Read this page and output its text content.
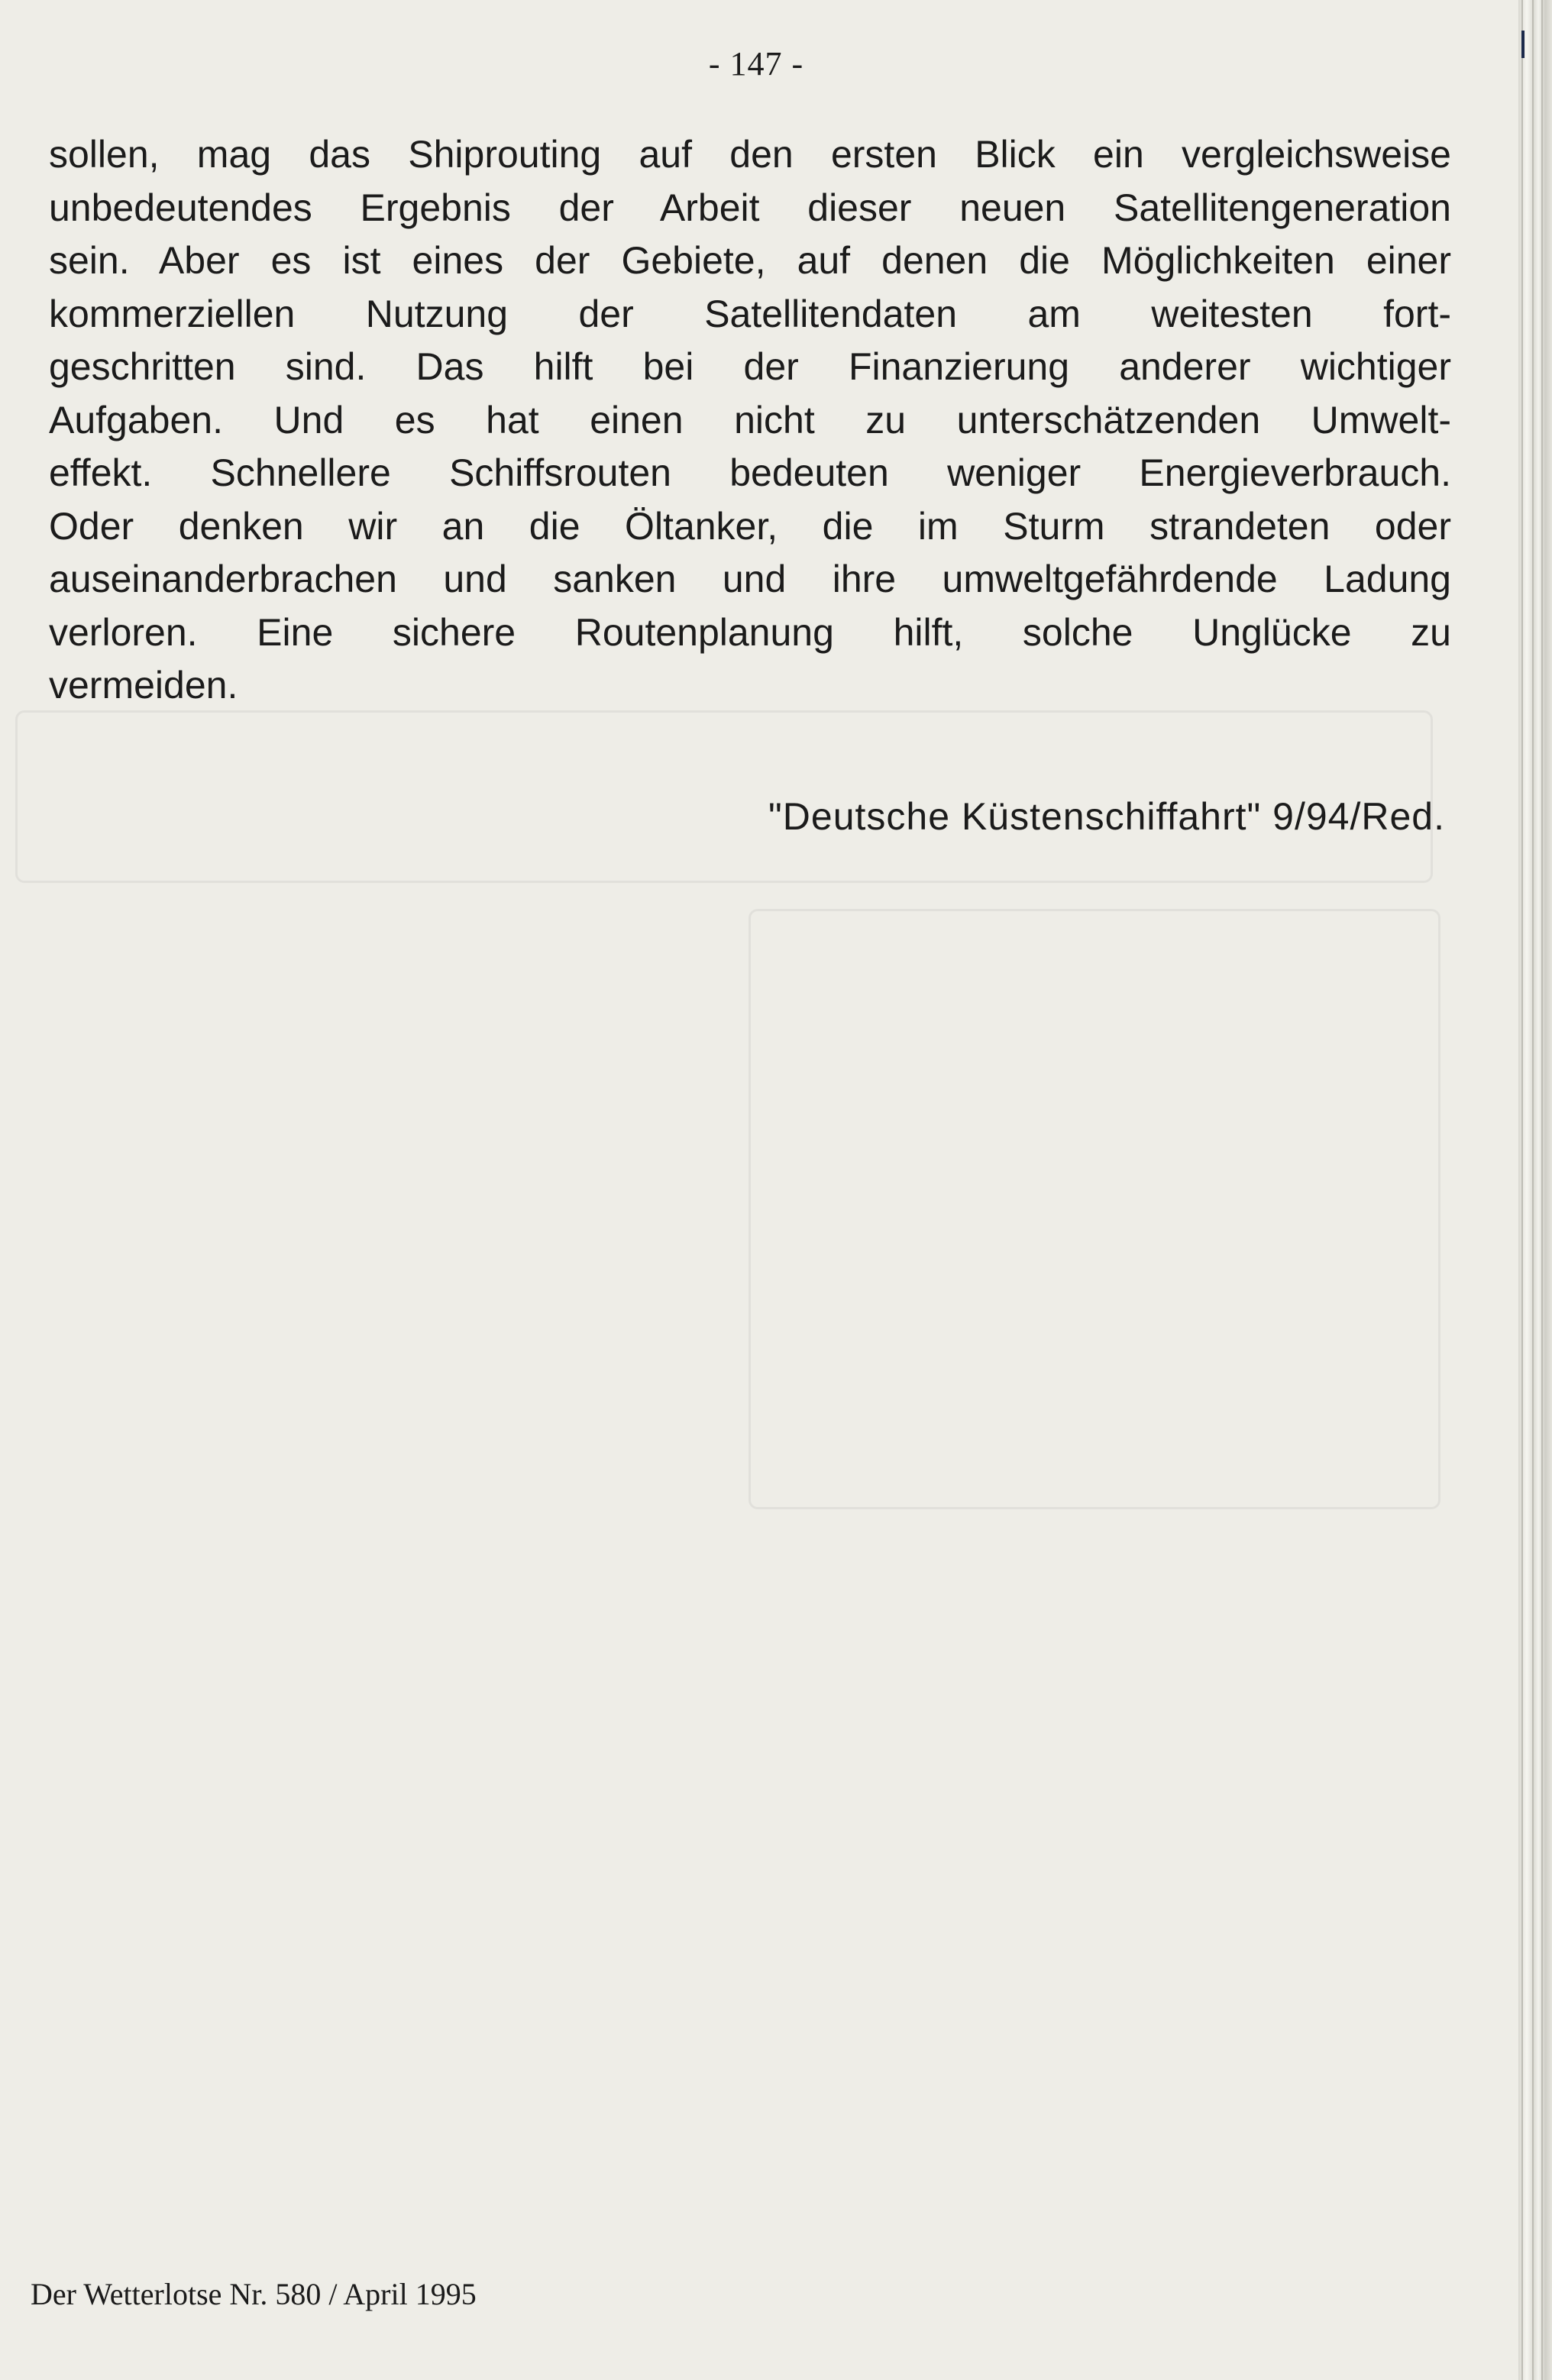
- 147 -
sollen, mag das Shiprouting auf den ersten Blick ein vergleichsweise
unbedeutendes Ergebnis der Arbeit dieser neuen Satellitengeneration
sein. Aber es ist eines der Gebiete, auf denen die Möglichkeiten einer
kommerziellen Nutzung der Satellitendaten am weitesten fort-
geschritten sind. Das hilft bei der Finanzierung anderer wichtiger
Aufgaben. Und es hat einen nicht zu unterschätzenden Umwelt-
effekt. Schnellere Schiffsrouten bedeuten weniger Energieverbrauch.
Oder denken wir an die Öltanker, die im Sturm strandeten oder
auseinanderbrachen und sanken und ihre umweltgefährdende Ladung
verloren. Eine sichere Routenplanung hilft, solche Unglücke zu
vermeiden.
"Deutsche Küstenschiffahrt" 9/94/Red.
Der Wetterlotse Nr. 580 / April 1995
